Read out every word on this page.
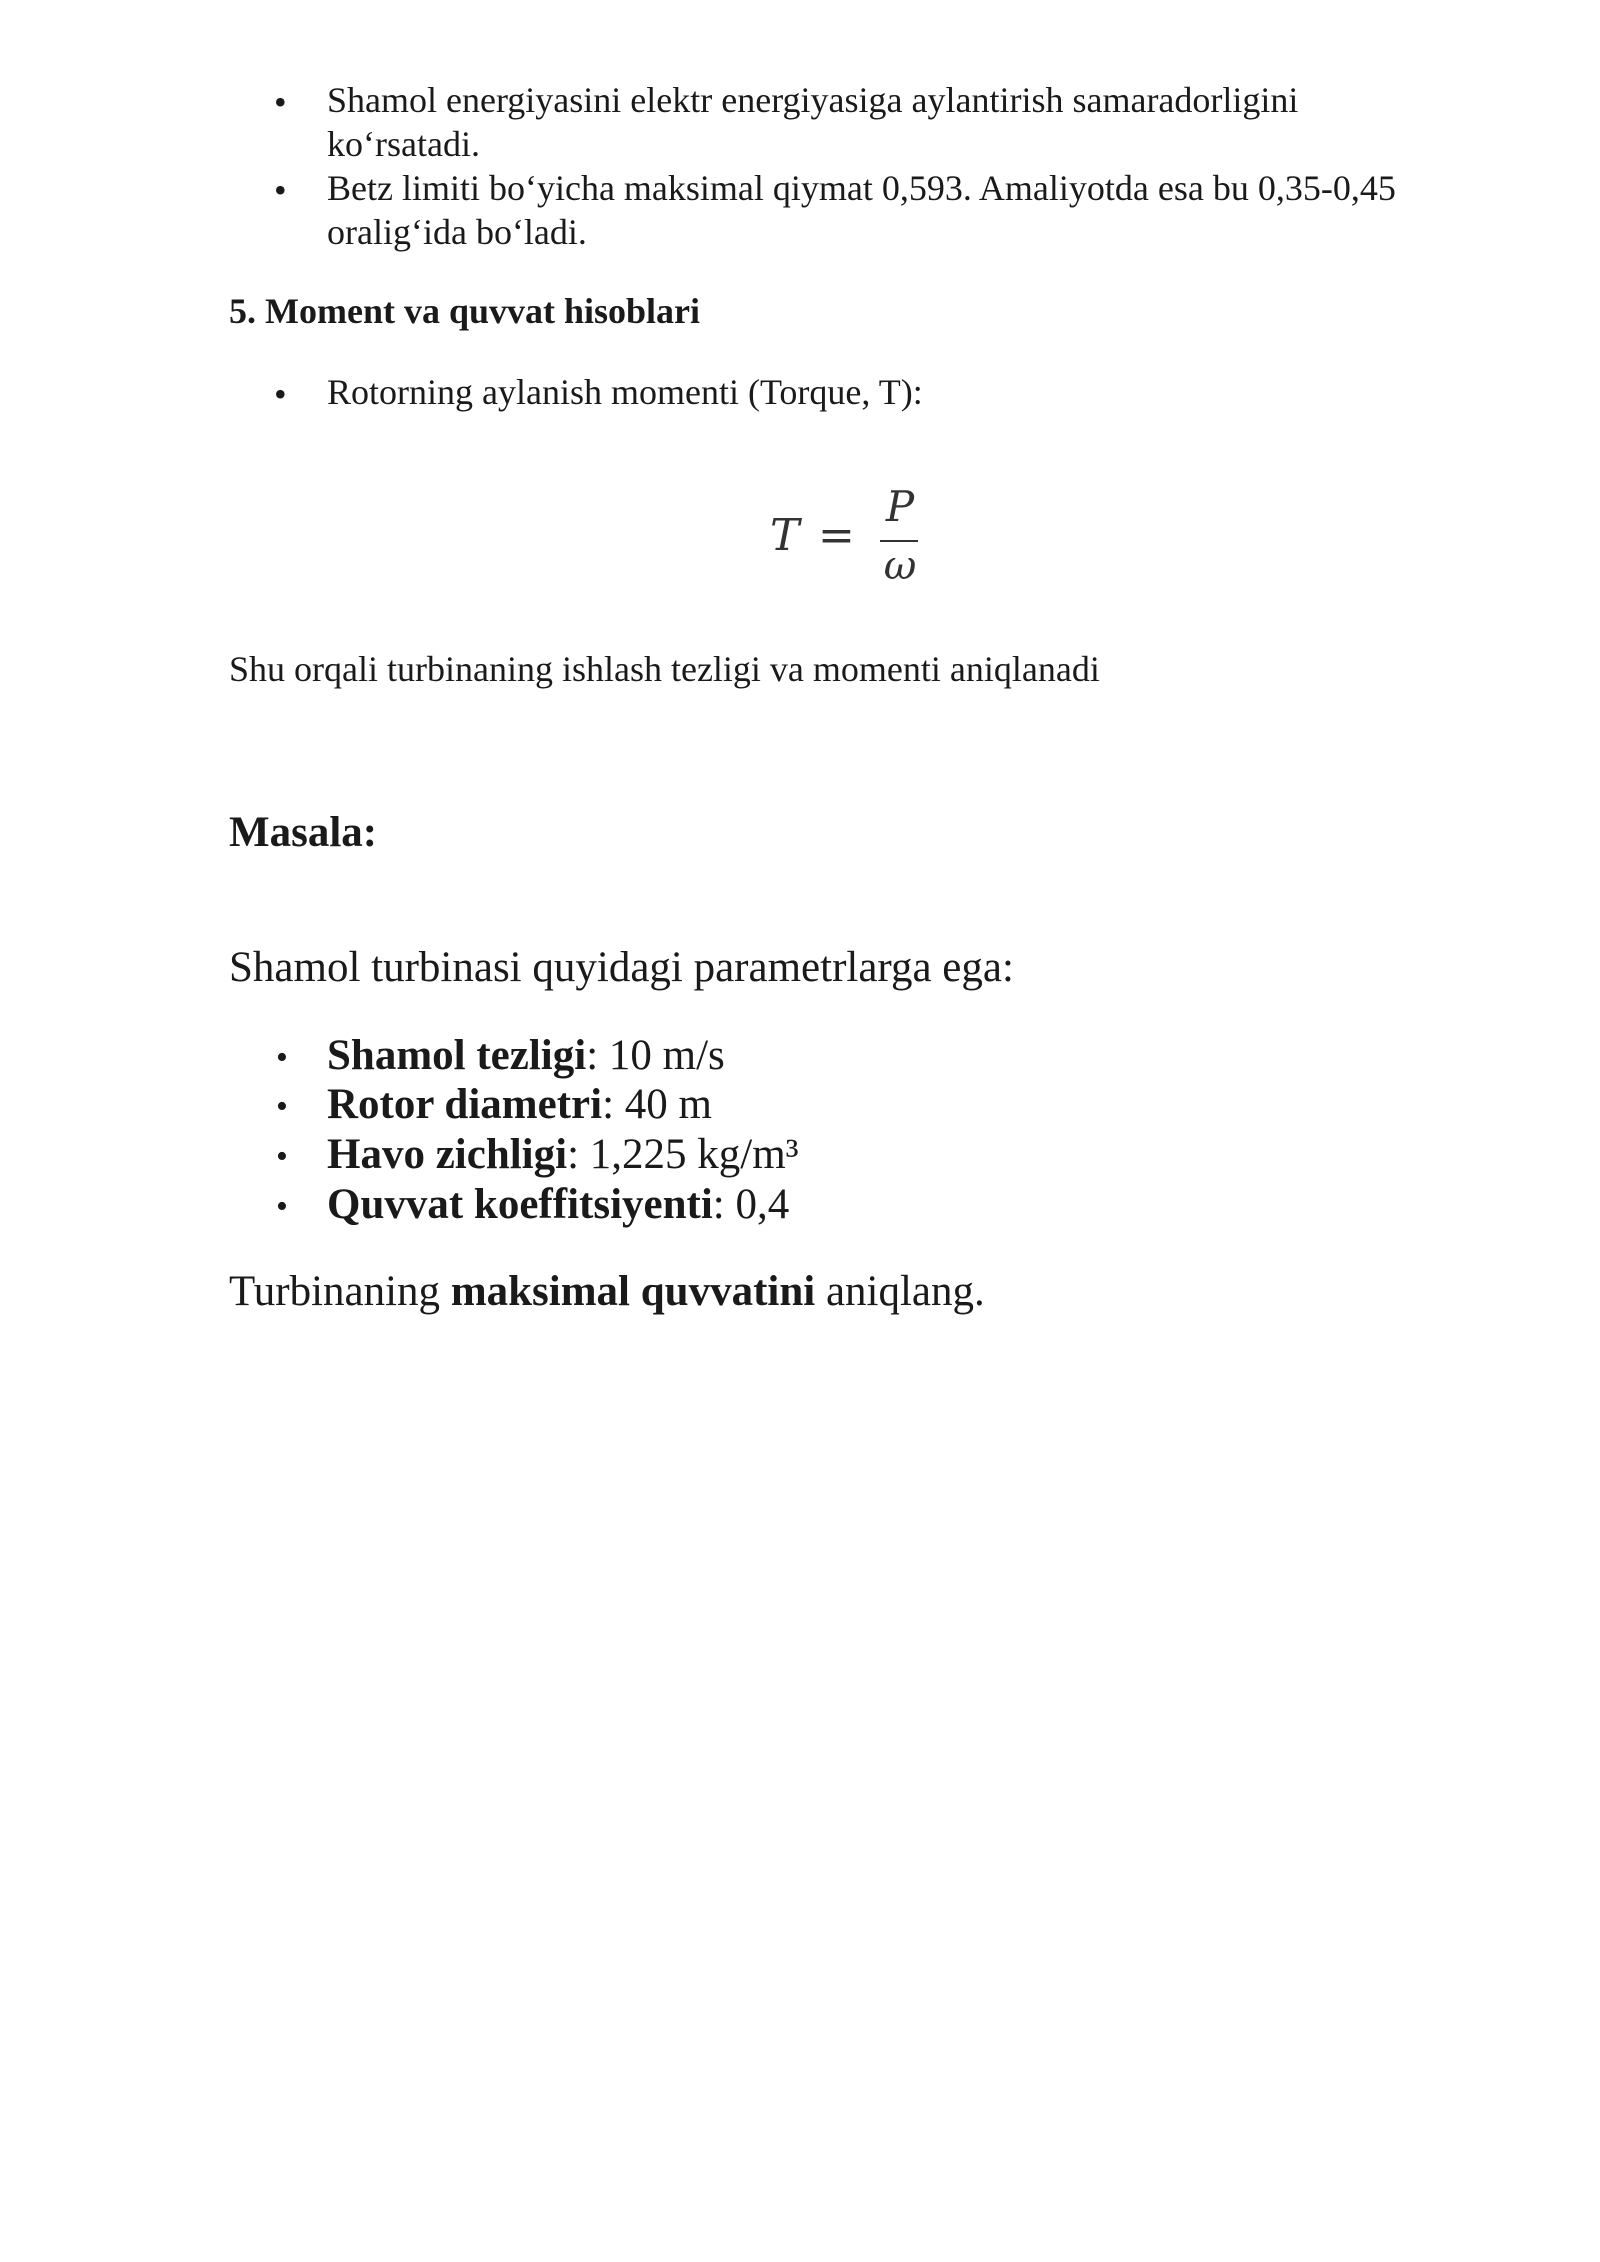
• Shamol energiyasini elektr energiyasiga aylantirish samaradorligini
ko‘rsatadi.
• Betz limiti bo‘yicha maksimal qiymat 0,593. Amaliyotda esa bu 0,35-0,45
oralig‘ida bo‘ladi.
5. Moment va quvvat hisoblari
• Rotorning aylanish momenti (Torque, T):
T =
P
ω
Shu orqali turbinaning ishlash tezligi va momenti aniqlanadi
Masala:
Shamol turbinasi quyidagi parametrlarga ega:
• Shamol tezligi: 10 m/s
• Rotor diametri: 40 m
• Havo zichligi: 1,225 kg/m³
• Quvvat koeffitsiyenti: 0,4
Turbinaning maksimal quvvatini aniqlang.
